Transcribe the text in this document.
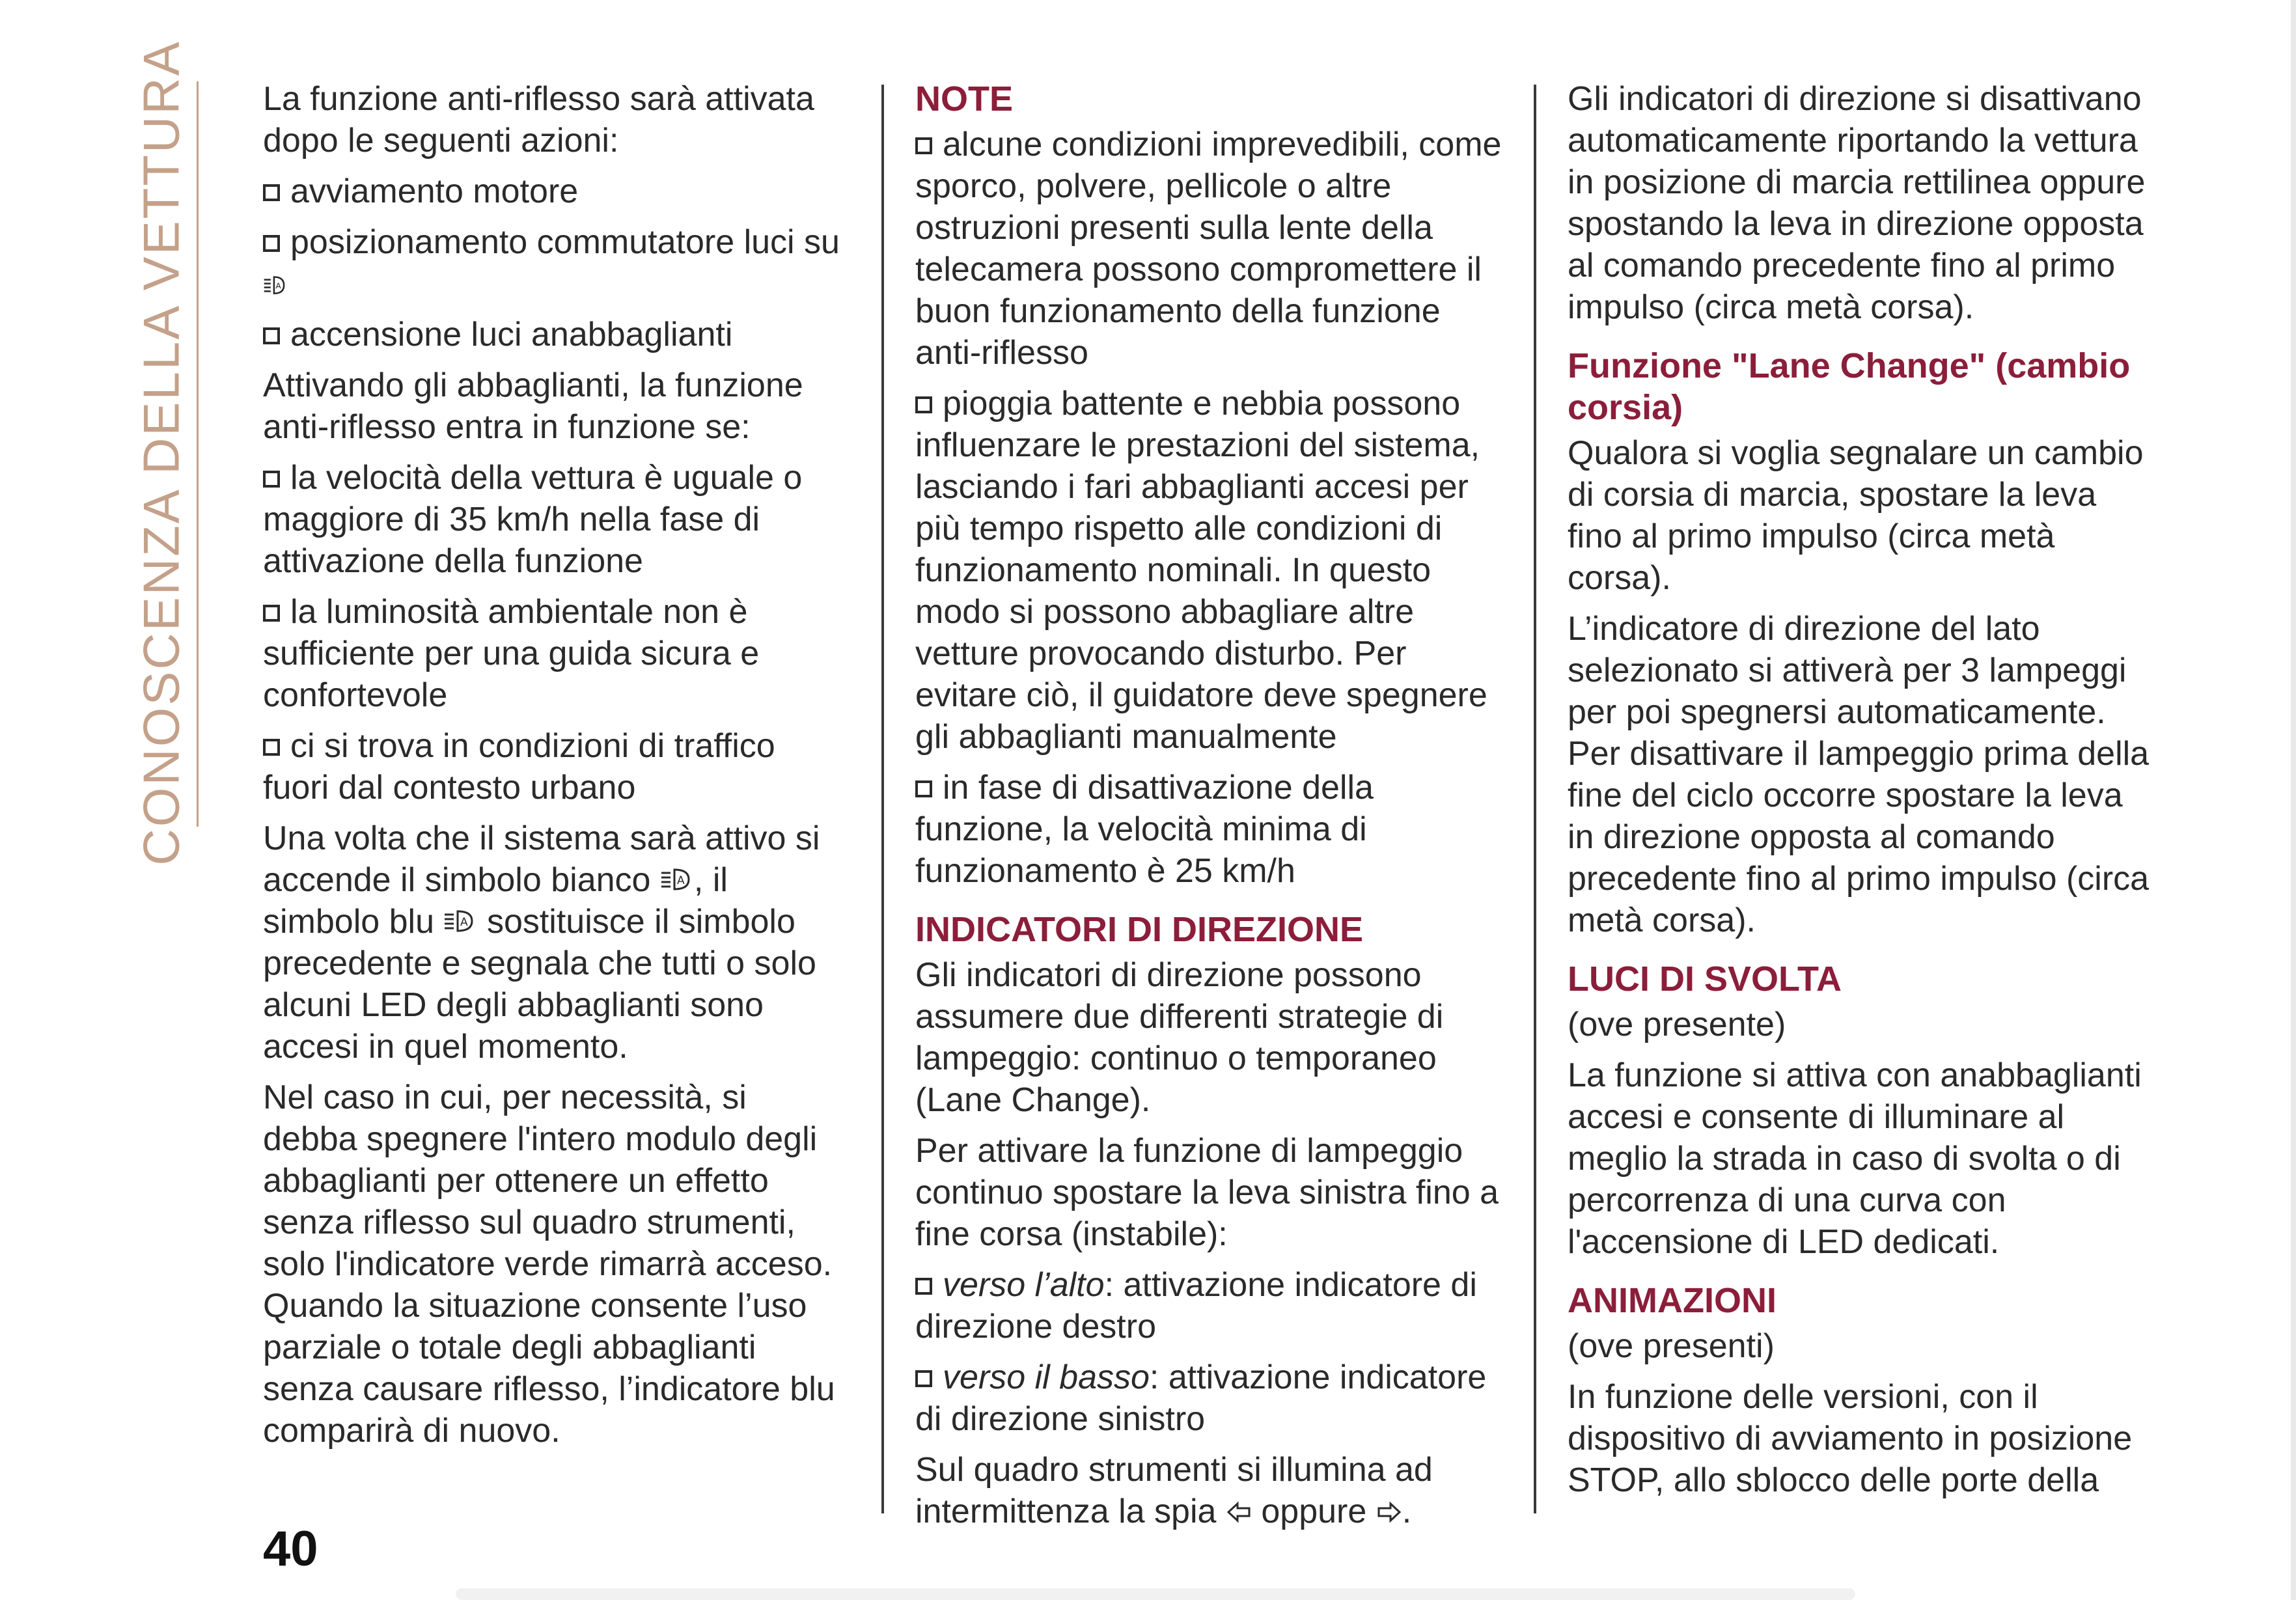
CONOSCENZA DELLA VETTURA La funzione anti-riflesso sarà attivata dopo le seguenti azioni:

avviamento motore
posizionamento commutatore luci su

A
accensione luci anabbaglianti

Attivando gli abbaglianti, la funzione anti-riflesso entra in funzione se:

la velocità della vettura è uguale o maggiore di 35 km/h nella fase di attivazione della funzione
la luminosità ambientale non è sufficiente per una guida sicura e confortevole
ci si trova in condizioni di traffico fuori dal contesto urbano

Una volta che il sistema sarà attivo si accende il simbolo bianco A , il simbolo blu A sostituisce il simbolo precedente e segnala che tutti o solo alcuni LED degli abbaglianti sono accesi in quel momento.

Nel caso in cui, per necessità, si debba spegnere l'intero modulo degli abbaglianti per ottenere un effetto senza riflesso sul quadro strumenti, solo l'indicatore verde rimarrà acceso. Quando la situazione consente l’uso parziale o totale degli abbaglianti senza causare riflesso, l’indicatore blu comparirà di nuovo.

NOTE
alcune condizioni imprevedibili, come sporco, polvere, pellicole o altre ostruzioni presenti sulla lente della telecamera possono compromettere il buon funzionamento della funzione anti-riflesso
pioggia battente e nebbia possono influenzare le prestazioni del sistema, lasciando i fari abbaglianti accesi per più tempo rispetto alle condizioni di funzionamento nominali. In questo modo si possono abbagliare altre vetture provocando disturbo. Per evitare ciò, il guidatore deve spegnere gli abbaglianti manualmente
in fase di disattivazione della funzione, la velocità minima di funzionamento è 25 km/h
INDICATORI DI DIREZIONE

Gli indicatori di direzione possono assumere due differenti strategie di lampeggio: continuo o temporaneo (Lane Change).

Per attivare la funzione di lampeggio continuo spostare la leva sinistra fino a fine corsa (instabile):

verso l’alto: attivazione indicatore di direzione destro
verso il basso: attivazione indicatore di direzione sinistro

Sul quadro strumenti si illumina ad intermittenza la spia oppure .

Gli indicatori di direzione si disattivano automaticamente riportando la vettura in posizione di marcia rettilinea oppure spostando la leva in direzione opposta al comando precedente fino al primo impulso (circa metà corsa).

Funzione "Lane Change" (cambio corsia)

Qualora si voglia segnalare un cambio di corsia di marcia, spostare la leva fino al primo impulso (circa metà corsa).

L’indicatore di direzione del lato selezionato si attiverà per 3 lampeggi per poi spegnersi automaticamente. Per disattivare il lampeggio prima della fine del ciclo occorre spostare la leva in direzione opposta al comando precedente fino al primo impulso (circa metà corsa).

LUCI DI SVOLTA

(ove presente)

La funzione si attiva con anabbaglianti accesi e consente di illuminare al meglio la strada in caso di svolta o di percorrenza di una curva con l'accensione di LED dedicati.

ANIMAZIONI

(ove presenti)

In funzione delle versioni, con il dispositivo di avviamento in posizione STOP, allo sblocco delle porte della

40
